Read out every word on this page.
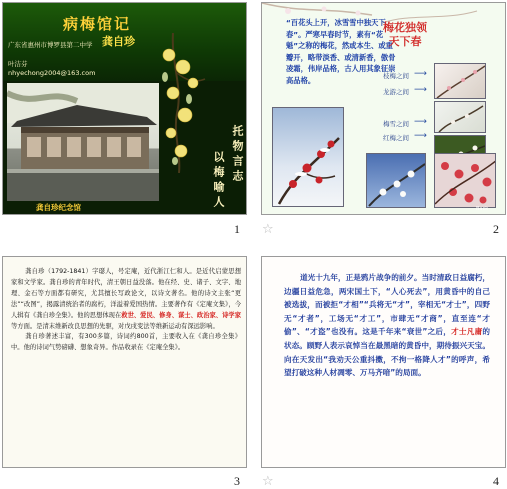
病梅馆记
龚自珍
广东省惠州市博罗县第二中学
叶洁芬
nhyechong2004@163.com
龚自珍纪念馆
托物言志
以梅喻人
1
“百花头上开，冰雪雪中独天下春”。严寒早春时节，素有“花魁”之称的梅花，然或本生、或重瓣开，略带淡香、或清新香，傲骨凌霜，伟岸品格，古人用其象征崇高品格。
梅花独领天下春
枝梅之间
龙游之间
梅雪之间
红梅之间
⟶
⟶
⟶
⟶
Back
☆	2
龚自珍（1792-1841）字璱人，号定庵，近代浙江仁和人。是近代启蒙思想家和文学家。龚自珍的青年时代，清王朝日益没落。他在经、史、诸子、文字、地理、金石等方面都有研究，尤其擅长写政论文，以诗文著名。他的诗文主张“更法”“改图”，揭露清统治者的腐朽，洋溢着爱国热情。主要著作有《定庵文集》，今人辑有《龚自珍全集》。他的思想体现在救世、爱民、修身、谋士、政治家、诗学家等方面。是清末维新改良思想的先驱，对戊戌变法等维新运动有深远影响。
龚自珍著述丰富，有300多篇，诗词约800首，主要收入在《龚自珍全集》中。他的诗词气势磅礴、想象奇异。作品收录在《定庵全集》。
3
道光十九年，正是鸦片战争的前夕。当时清政日益腐朽，边疆日益危急，两宋国土下，“人心死去”，用黄昏中的自己被选拔，而被拒“才相”“兵将无“才”，宰相无“才士”，四野无“才者”，工场无“才工”，市肆无“才商”，直至连“才偷”、“才盗”也没有。这是千年来“衰世”之后，才士凡庸的状态。顾野人表示哀悼当在最黑暗的黄昏中，期待振兴天宝。向在天发出“我劝天公重抖擞，不拘一格降人才”的呼声，希望打破这种人材凋零、万马齐喑”的局面。
☆	4
